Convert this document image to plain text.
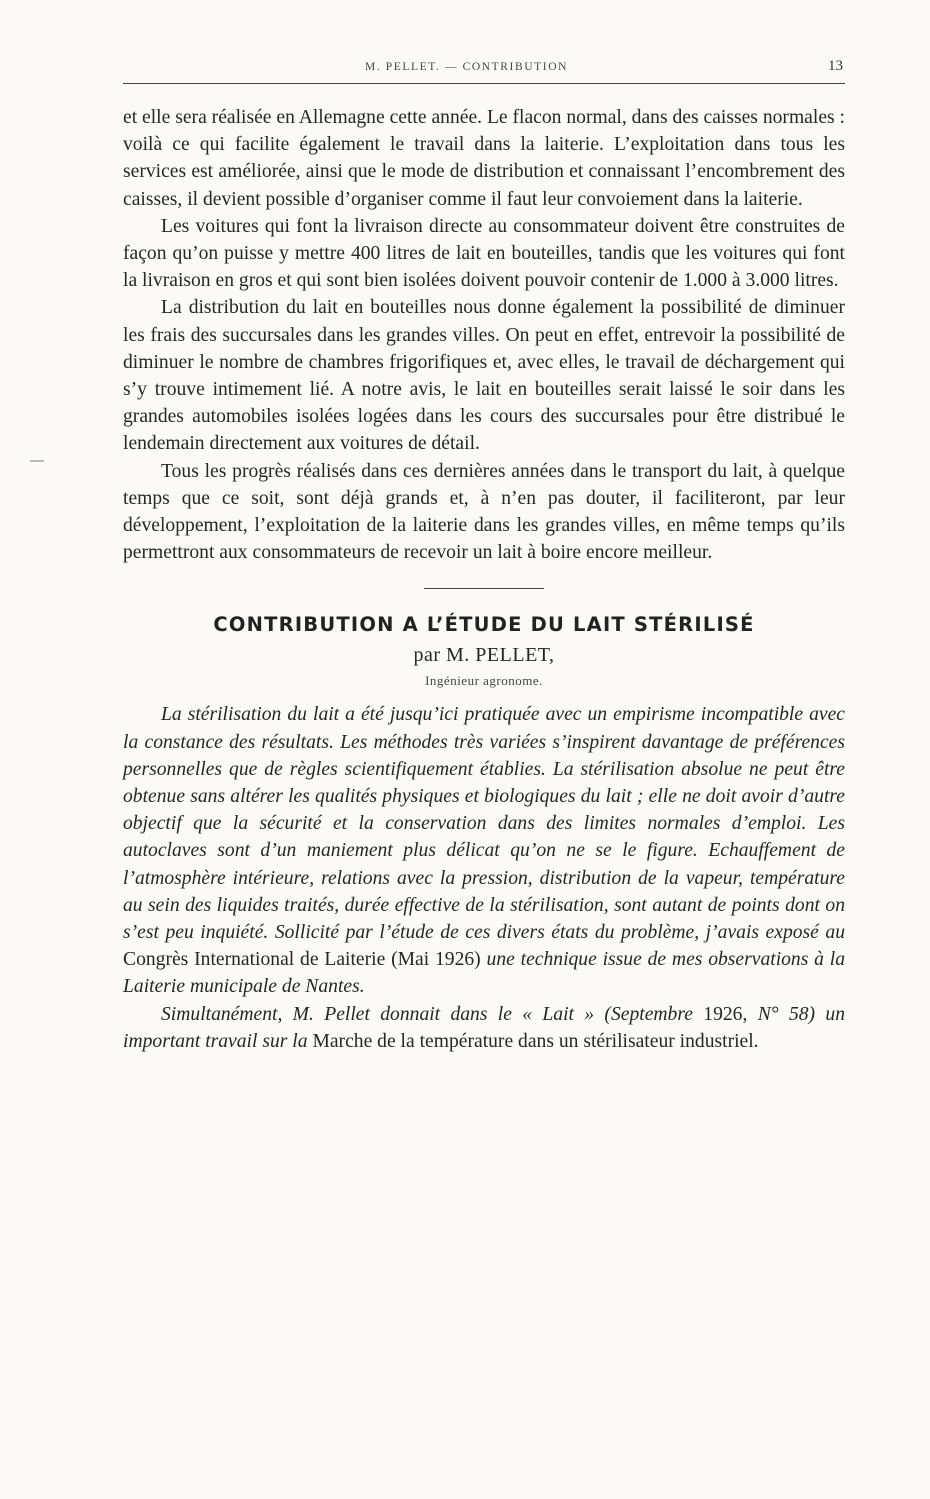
M. PELLET. — CONTRIBUTION	13

et elle sera réalisée en Allemagne cette année. Le flacon normal, dans des caisses normales : voilà ce qui facilite également le travail dans la laiterie. L’exploitation dans tous les services est améliorée, ainsi que le mode de distribution et connaissant l’encombrement des caisses, il devient possible d’organiser comme il faut leur convoiement dans la laiterie.

Les voitures qui font la livraison directe au consommateur doivent être construites de façon qu’on puisse y mettre 400 litres de lait en bouteilles, tandis que les voitures qui font la livraison en gros et qui sont bien isolées doivent pouvoir contenir de 1.000 à 3.000 litres.

La distribution du lait en bouteilles nous donne également la possibilité de diminuer les frais des succursales dans les grandes villes. On peut en effet, entrevoir la possibilité de diminuer le nombre de chambres frigorifiques et, avec elles, le travail de déchargement qui s’y trouve intimement lié. A notre avis, le lait en bouteilles serait laissé le soir dans les grandes automobiles isolées logées dans les cours des succursales pour être distribué le lendemain directement aux voitures de détail.

Tous les progrès réalisés dans ces dernières années dans le transport du lait, à quelque temps que ce soit, sont déjà grands et, à n’en pas douter, il faciliteront, par leur développement, l’exploitation de la laiterie dans les grandes villes, en même temps qu’ils permettront aux consommateurs de recevoir un lait à boire encore meilleur.

CONTRIBUTION A L’ÉTUDE DU LAIT STÉRILISÉ

par M. PELLET,

Ingénieur agronome.

La stérilisation du lait a été jusqu’ici pratiquée avec un empirisme incompatible avec la constance des résultats. Les méthodes très variées s’inspirent davantage de préférences personnelles que de règles scientifiquement établies. La stérilisation absolue ne peut être obtenue sans altérer les qualités physiques et biologiques du lait ; elle ne doit avoir d’autre objectif que la sécurité et la conservation dans des limites normales d’emploi. Les autoclaves sont d’un maniement plus délicat qu’on ne se le figure. Echauffement de l’atmosphère intérieure, relations avec la pression, distribution de la vapeur, température au sein des liquides traités, durée effective de la stérilisation, sont autant de points dont on s’est peu inquiété. Sollicité par l’étude de ces divers états du problème, j’avais exposé au Congrès International de Laiterie (Mai 1926) une technique issue de mes observations à la Laiterie municipale de Nantes.

Simultanément, M. Pellet donnait dans le « Lait » (Septembre 1926, N° 58) un important travail sur la Marche de la température dans un stérilisateur industriel.
